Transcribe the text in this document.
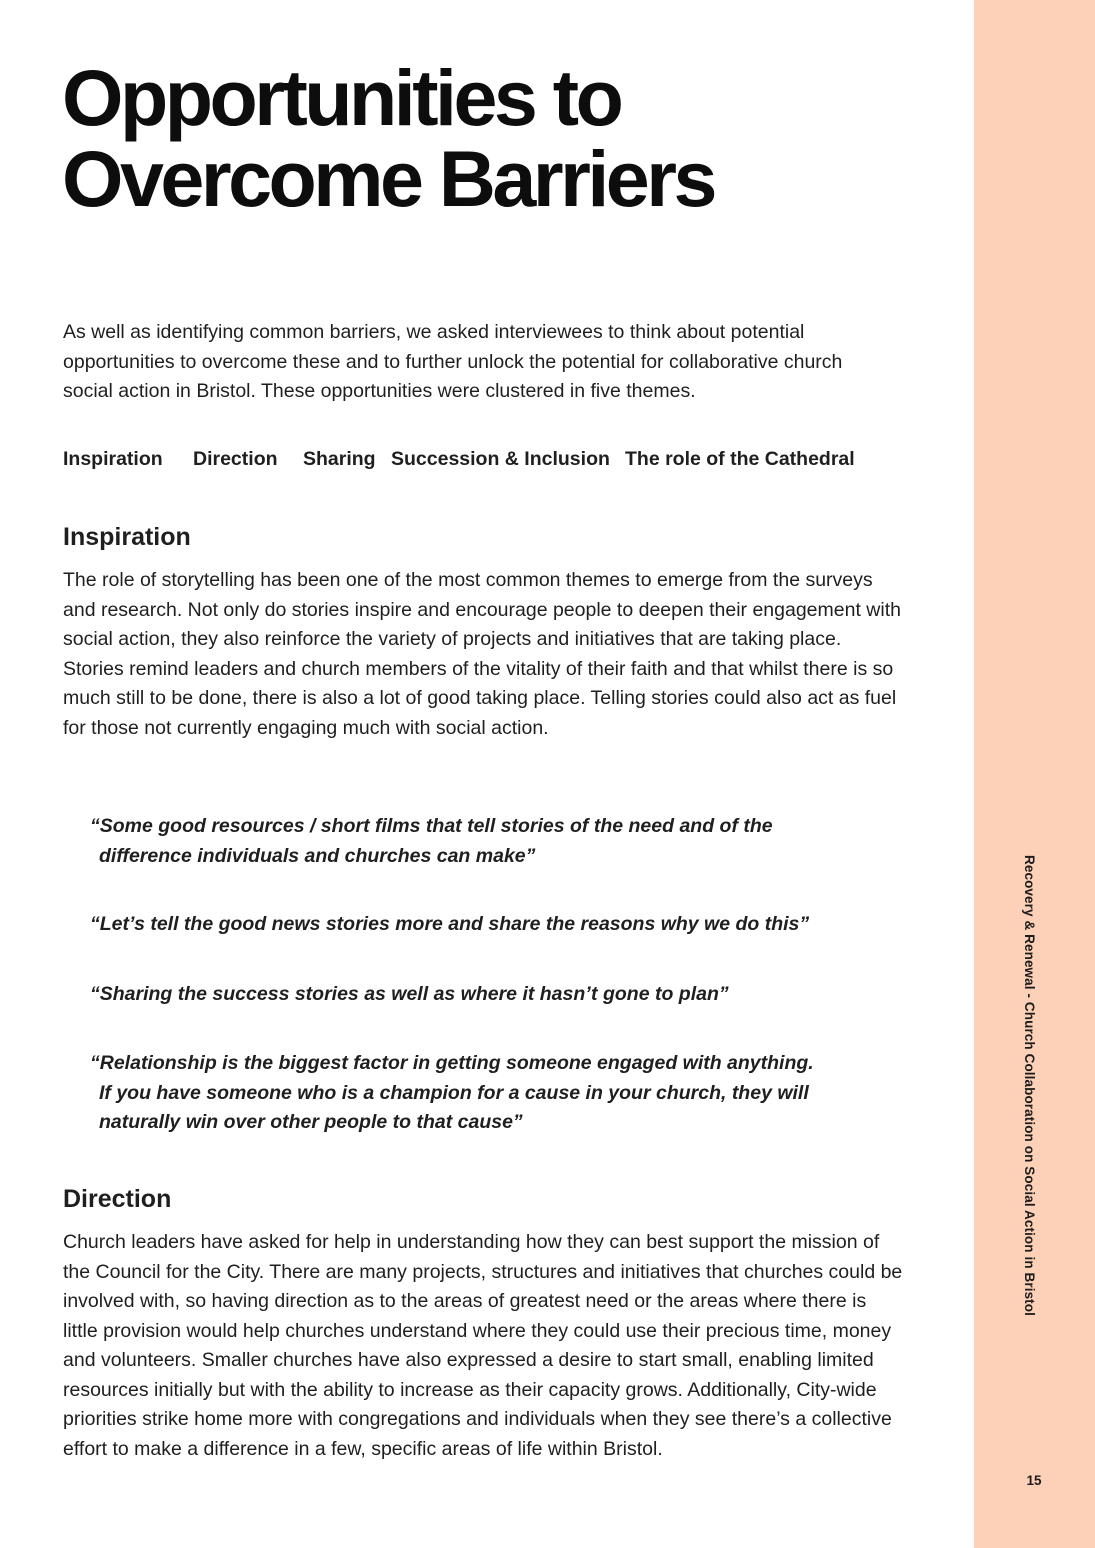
Recovery & Renewal - Church Collaboration on Social Action in Bristol
15
Opportunities to
Overcome Barriers

As well as identifying common barriers, we asked interviewees to think about potential opportunities to overcome these and to further unlock the potential for collaborative church social action in Bristol. These opportunities were clustered in five themes.

Inspiration Direction Sharing Succession & Inclusion The role of the Cathedral
Inspiration

The role of storytelling has been one of the most common themes to emerge from the surveys and research. Not only do stories inspire and encourage people to deepen their engagement with social action, they also reinforce the variety of projects and initiatives that are taking place. Stories remind leaders and church members of the vitality of their faith and that whilst there is so much still to be done, there is also a lot of good taking place. Telling stories could also act as fuel for those not currently engaging much with social action.

“Some good resources / short films that tell stories of the need and of the
difference individuals and churches can make”
“Let’s tell the good news stories more and share the reasons why we do this”
“Sharing the success stories as well as where it hasn’t gone to plan”
“Relationship is the biggest factor in getting someone engaged with anything.
If you have someone who is a champion for a cause in your church, they will
naturally win over other people to that cause”
Direction

Church leaders have asked for help in understanding how they can best support the mission of the Council for the City. There are many projects, structures and initiatives that churches could be involved with, so having direction as to the areas of greatest need or the areas where there is little provision would help churches understand where they could use their precious time, money and volunteers. Smaller churches have also expressed a desire to start small, enabling limited resources initially but with the ability to increase as their capacity grows. Additionally, City-wide priorities strike home more with congregations and individuals when they see there’s a collective effort to make a difference in a few, specific areas of life within Bristol.
